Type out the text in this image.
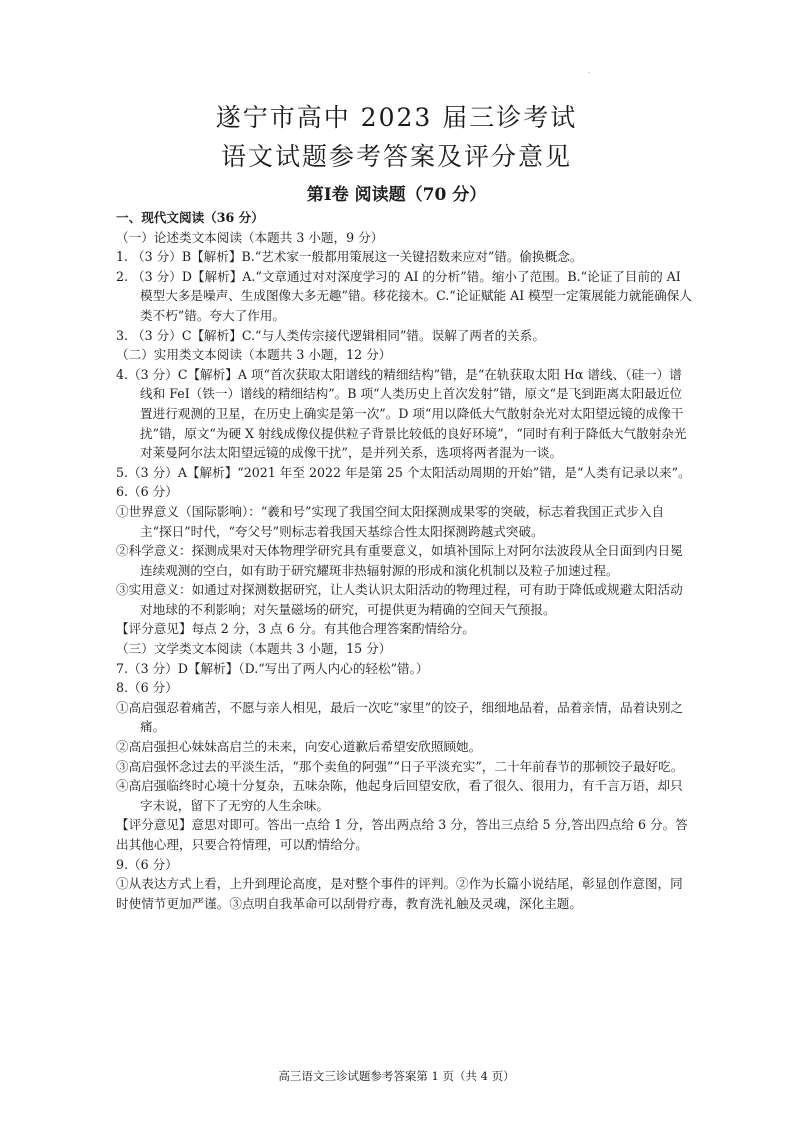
·
遂宁市高中 2023 届三诊考试
语文试题参考答案及评分意见
第Ⅰ卷 阅读题（70 分）

一、现代文阅读（36 分）

（一）论述类文本阅读（本题共 3 小题，9 分）

1. （3 分）B【解析】B.“艺术家一般都用策展这一关键招数来应对”错。偷换概念。

2. （3 分）D【解析】A.“文章通过对对深度学习的 AI 的分析”错。缩小了范围。B.“论证了目前的 AI 模型大多是噪声、生成图像大多无趣”错。移花接木。C.“论证赋能 AI 模型一定策展能力就能确保人类不朽”错。夸大了作用。

3. （3 分）C【解析】C.“与人类传宗接代逻辑相同”错。误解了两者的关系。

（二）实用类文本阅读（本题共 3 小题，12 分）

4.（3 分）C【解析】A 项“首次获取太阳谱线的精细结构”错，是“在轨获取太阳 Hα 谱线、（硅一）谱线和 FeⅠ（铁一）谱线的精细结构”。B 项“人类历史上首次发射”错，原文“是飞到距离太阳最近位置进行观测的卫星，在历史上确实是第一次”。D 项“用以降低大气散射杂光对太阳望远镜的成像干扰”错，原文“为硬 X 射线成像仪提供粒子背景比较低的良好环境”，“同时有利于降低大气散射杂光对莱曼阿尔法太阳望远镜的成像干扰”，是并列关系，选项将两者混为一谈。

5.（3 分）A【解析】“2021 年至 2022 年是第 25 个太阳活动周期的开始”错，是“人类有记录以来”。

6.（6 分）

①世界意义（国际影响）：“羲和号”实现了我国空间太阳探测成果零的突破，标志着我国正式步入自主“探日”时代，“夸父号”则标志着我国天基综合性太阳探测跨越式突破。

②科学意义：探测成果对天体物理学研究具有重要意义，如填补国际上对阿尔法波段从全日面到内日冕连续观测的空白，如有助于研究耀斑非热辐射源的形成和演化机制以及粒子加速过程。

③实用意义：如通过对探测数据研究，让人类认识太阳活动的物理过程，可有助于降低或规避太阳活动对地球的不利影响；对矢量磁场的研究，可提供更为精确的空间天气预报。

【评分意见】每点 2 分，3 点 6 分。有其他合理答案酌情给分。

（三）文学类文本阅读（本题共 3 小题，15 分）

7.（3 分）D【解析】（D.“写出了两人内心的轻松”错。）

8.（6 分）

①高启强忍着痛苦，不愿与亲人相见，最后一次吃“家里”的饺子，细细地品着，品着亲情，品着诀别之痛。

②高启强担心妹妹高启兰的未来，向安心道歉后希望安欣照顾她。

③高启强怀念过去的平淡生活，“那个卖鱼的阿强”“日子平淡充实”，二十年前春节的那顿饺子最好吃。

④高启强临终时心境十分复杂，五味杂陈，他起身后回望安欣，看了很久、很用力，有千言万语，却只字未说，留下了无穷的人生余味。

【评分意见】意思对即可。答出一点给 1 分，答出两点给 3 分，答出三点给 5 分,答出四点给 6 分。答出其他心理，只要合符情理，可以酌情给分。

9.（6 分）

①从表达方式上看，上升到理论高度，是对整个事件的评判。②作为长篇小说结尾，彰显创作意图，同时使情节更加严谨。③点明自我革命可以刮骨疗毒，教育洗礼触及灵魂，深化主题。

高三语文三诊试题参考答案第 1 页（共 4 页）
